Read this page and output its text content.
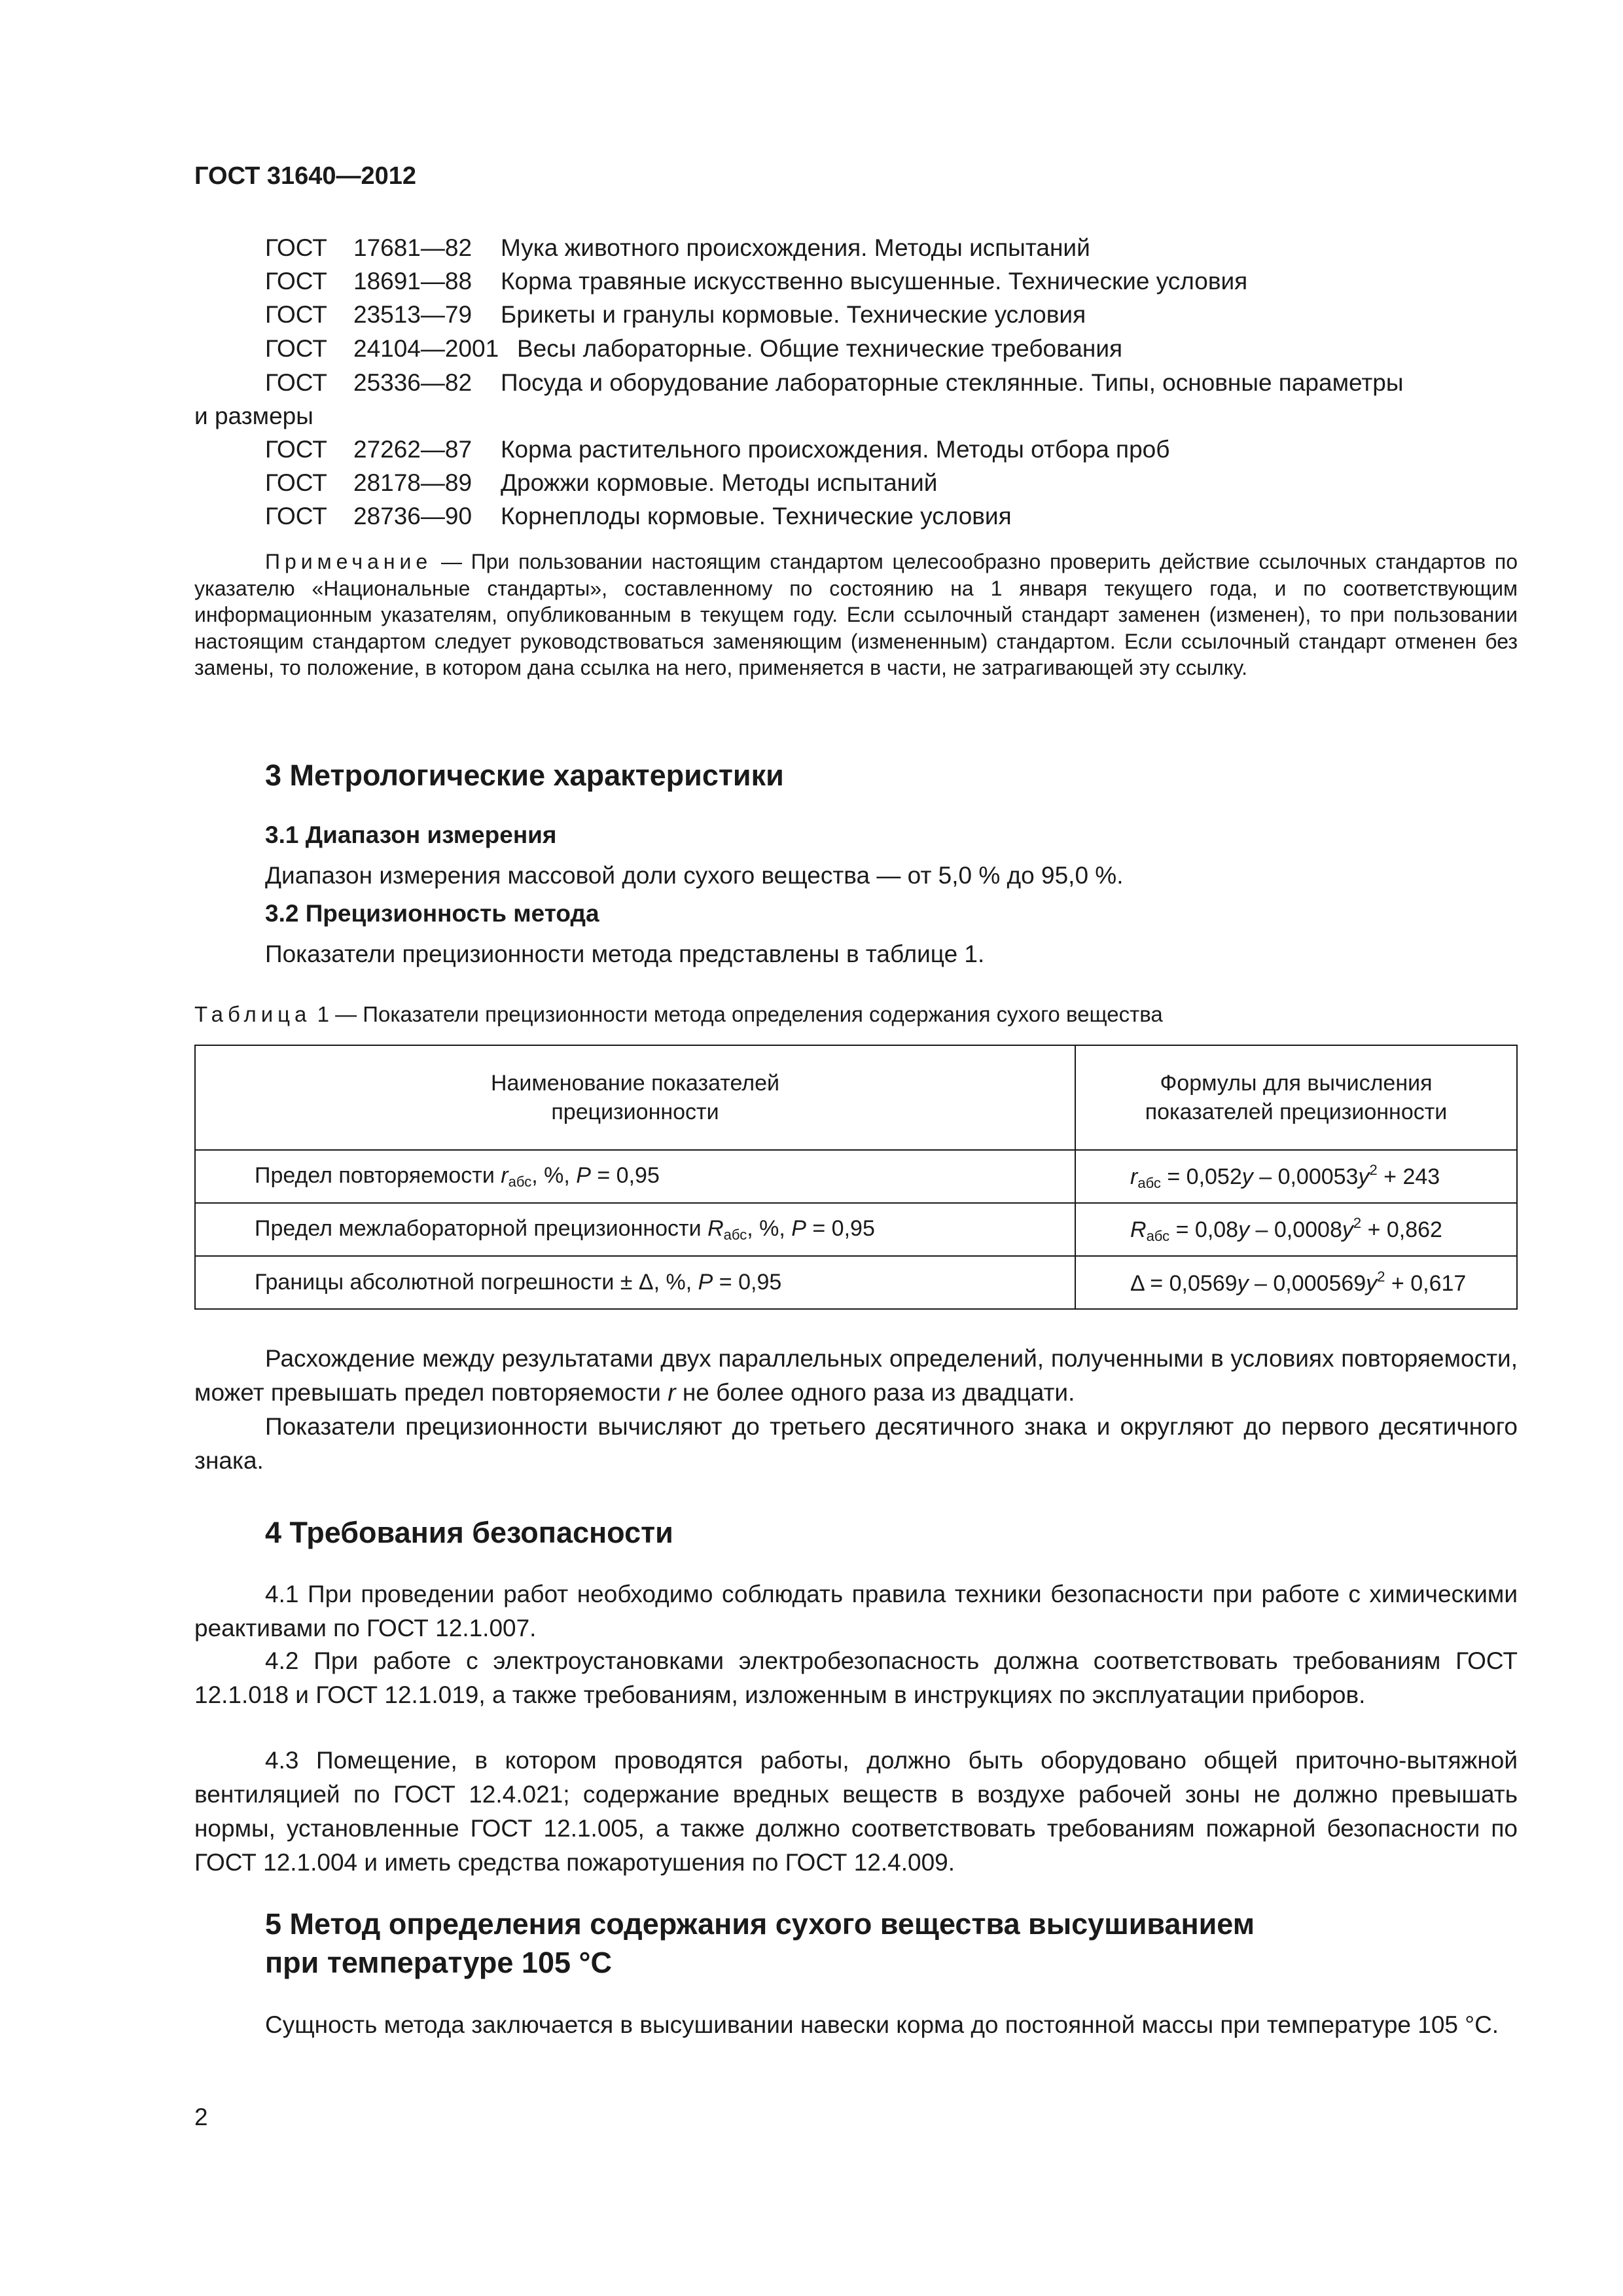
ГОСТ 31640—2012
ГОСТ 17681—82 Мука животного происхождения. Методы испытаний
ГОСТ 18691—88 Корма травяные искусственно высушенные. Технические условия
ГОСТ 23513—79 Брикеты и гранулы кормовые. Технические условия
ГОСТ 24104—2001 Весы лабораторные. Общие технические требования
ГОСТ 25336—82 Посуда и оборудование лабораторные стеклянные. Типы, основные параметры
и размеры
ГОСТ 27262—87 Корма растительного происхождения. Методы отбора проб
ГОСТ 28178—89 Дрожжи кормовые. Методы испытаний
ГОСТ 28736—90 Корнеплоды кормовые. Технические условия

Примечание — При пользовании настоящим стандартом целесообразно проверить действие ссылочных стандартов по указателю «Национальные стандарты», составленному по состоянию на 1 января текущего года, и по соответствующим информационным указателям, опубликованным в текущем году. Если ссылочный стандарт заменен (изменен), то при пользовании настоящим стандартом следует руководствоваться заменяющим (измененным) стандартом. Если ссылочный стандарт отменен без замены, то положение, в котором дана ссылка на него, применяется в части, не затрагивающей эту ссылку.

3 Метрологические характеристики
3.1 Диапазон измерения
Диапазон измерения массовой доли сухого вещества — от 5,0 % до 95,0 %.
3.2 Прецизионность метода
Показатели прецизионности метода представлены в таблице 1.
Таблица 1 — Показатели прецизионности метода определения содержания сухого вещества
Наименование показателей прецизионности	Формулы для вычисления показателей прецизионности

Предел повторяемости $r_{абс}$, %, P = 0,95	$r_{абс} = 0,052y - 0,00053y^2 + 243$
Предел межлабораторной прецизионности $R_{абс}$, %, P = 0,95	$R_{абс} = 0,08y - 0,0008y^2 + 0,862$
Границы абсолютной погрешности ± Δ, %, P = 0,95	$\Delta = 0,0569y - 0,000569y^2 + 0,617$

Расхождение между результатами двух параллельных определений, полученными в условиях повторяемости, может превышать предел повторяемости r не более одного раза из двадцати.

Показатели прецизионности вычисляют до третьего десятичного знака и округляют до первого десятичного знака.

4 Требования безопасности

4.1 При проведении работ необходимо соблюдать правила техники безопасности при работе с химическими реактивами по ГОСТ 12.1.007.

4.2 При работе с электроустановками электробезопасность должна соответствовать требованиям ГОСТ 12.1.018 и ГОСТ 12.1.019, а также требованиям, изложенным в инструкциях по эксплуатации приборов.

4.3 Помещение, в котором проводятся работы, должно быть оборудовано общей приточно-вытяжной вентиляцией по ГОСТ 12.4.021; содержание вредных веществ в воздухе рабочей зоны не должно превышать нормы, установленные ГОСТ 12.1.005, а также должно соответствовать требованиям пожарной безопасности по ГОСТ 12.1.004 и иметь средства пожаротушения по ГОСТ 12.4.009.

5 Метод определения содержания сухого вещества высушиванием
при температуре 105 °С

Сущность метода заключается в высушивании навески корма до постоянной массы при температуре 105 °С.

2
